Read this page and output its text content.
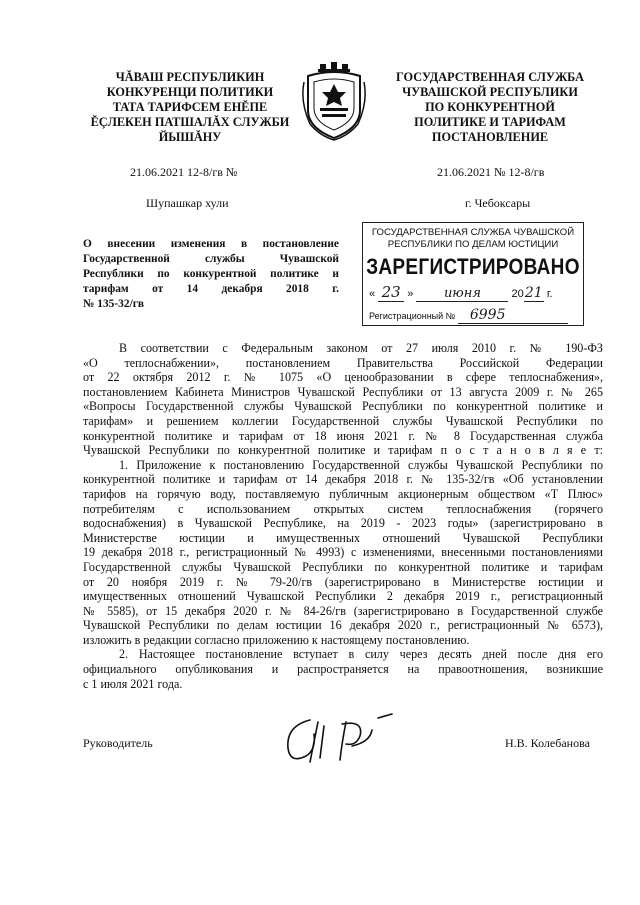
ЧĂВАШ РЕСПУБЛИКИН
КОНКУРЕНЦИ ПОЛИТИКИ
ТАТА ТАРИФСЕМ ЕНĔПЕ
ĔÇЛЕКЕН ПАТШАЛĂХ СЛУЖБИ
ЙЫШĂНУ
21.06.2021 12-8/гв №
Шупашкар хули
ГОСУДАРСТВЕННАЯ СЛУЖБА
ЧУВАШСКОЙ РЕСПУБЛИКИ
ПО КОНКУРЕНТНОЙ
ПОЛИТИКЕ И ТАРИФАМ
ПОСТАНОВЛЕНИЕ
21.06.2021 № 12-8/гв
г. Чебоксары
О внесении изменения в постановление
Государственной службы Чувашской
Республики по конкурентной политике и
тарифам от 14 декабря 2018 г.
№ 135-32/гв
ГОСУДАРСТВЕННАЯ СЛУЖБА ЧУВАШСКОЙ
РЕСПУБЛИКИ ПО ДЕЛАМ ЮСТИЦИИ
ЗАРЕГИСТРИРОВАНО
« 23 » июня	2021 г.
Регистрационный № 6995
В соответствии с Федеральным законом от 27 июля 2010 г. № 190-ФЗ
«О теплоснабжении», постановлением Правительства Российской Федерации
от 22 октября 2012 г. № 1075 «О ценообразовании в сфере теплоснабжения»,
постановлением Кабинета Министров Чувашской Республики от 13 августа 2009 г. № 265
«Вопросы Государственной службы Чувашской Республики по конкурентной политике и
тарифам» и решением коллегии Государственной службы Чувашской Республики по
конкурентной политике и тарифам от 18 июня 2021 г. № 8 Государственная служба
Чувашской Республики по конкурентной политике и тарифам п о с т а н о в л я е т:
1. Приложение к постановлению Государственной службы Чувашской Республики по
конкурентной политике и тарифам от 14 декабря 2018 г. № 135-32/гв «Об установлении
тарифов на горячую воду, поставляемую публичным акционерным обществом «Т Плюс»
потребителям с использованием открытых систем теплоснабжения (горячего
водоснабжения) в Чувашской Республике, на 2019 - 2023 годы» (зарегистрировано в
Министерстве юстиции и имущественных отношений Чувашской Республики
19 декабря 2018 г., регистрационный № 4993) с изменениями, внесенными постановлениями
Государственной службы Чувашской Республики по конкурентной политике и тарифам
от 20 ноября 2019 г. № 79-20/гв (зарегистрировано в Министерстве юстиции и
имущественных отношений Чувашской Республики 2 декабря 2019 г., регистрационный
№ 5585), от 15 декабря 2020 г. № 84-26/гв (зарегистрировано в Государственной службе
Чувашской Республики по делам юстиции 16 декабря 2020 г., регистрационный № 6573),
изложить в редакции согласно приложению к настоящему постановлению.
2. Настоящее постановление вступает в силу через десять дней после дня его
официального опубликования и распространяется на правоотношения, возникшие
с 1 июля 2021 года.
Руководитель	Н.В. Колебанова
